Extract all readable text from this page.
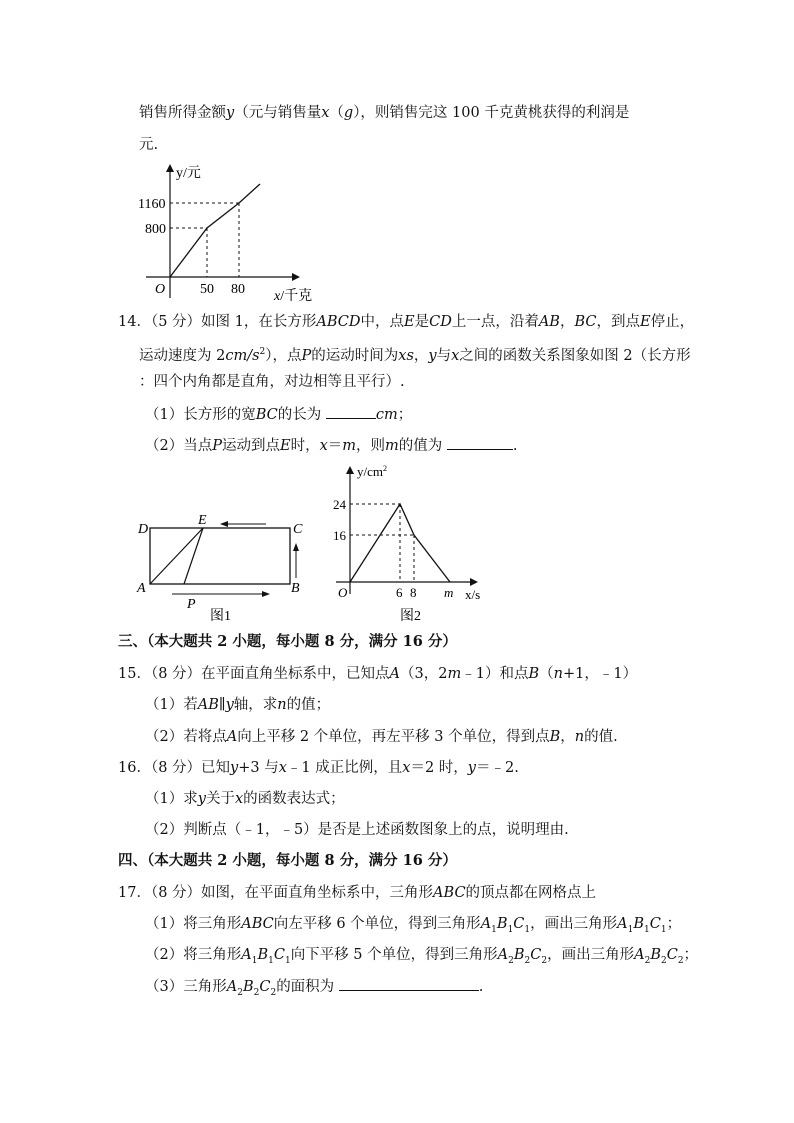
销售所得金额y（元与销售量x（g），则销售完这 100 千克黄桃获得的利润是
元.
y/元
1160
800
O 50 80 x/千克
14．（5 分）如图 1，在长方形ABCD中，点E是CD上一点，沿着AB，BC，到点E停止，
运动速度为 $2cm/s^2$），点P的运动时间为xs，y与x之间的函数关系图象如图 2（长方形
：四个内角都是直角，对边相等且平行）.
（1）长方形的宽BC的长为	cm；
（2）当点P运动到点E时，x＝m，则m的值为	.
D
E
C
A	B
P
图1
$y/cm^2$
24
16
O	6 8 m x/s
图2
三、（本大题共 2 小题，每小题 8 分，满分 16 分）
15．（8 分）在平面直角坐标系中，已知点A（3，2m﹣1）和点B（n+1，﹣1）
（1）若AB∥y轴，求n的值；
（2）若将点A向上平移 2 个单位，再左平移 3 个单位，得到点B，n的值.
16．（8 分）已知y+3 与x﹣1 成正比例，且x＝2 时，y＝﹣2.
（1）求y关于x的函数表达式；
（2）判断点（﹣1，﹣5）是否是上述函数图象上的点，说明理由.
四、（本大题共 2 小题，每小题 8 分，满分 16 分）
17．（8 分）如图，在平面直角坐标系中，三角形ABC的顶点都在网格点上
（1）将三角形ABC向左平移 6 个单位，得到三角形$A_1B_1C_1$，画出三角形$A_1B_1C_1$；
（2）将三角形$A_1B_1C_1$向下平移 5 个单位，得到三角形$A_2B_2C_2$，画出三角形$A_2B_2C_2$；
（3）三角形$A_2B_2C_2$的面积为	.
